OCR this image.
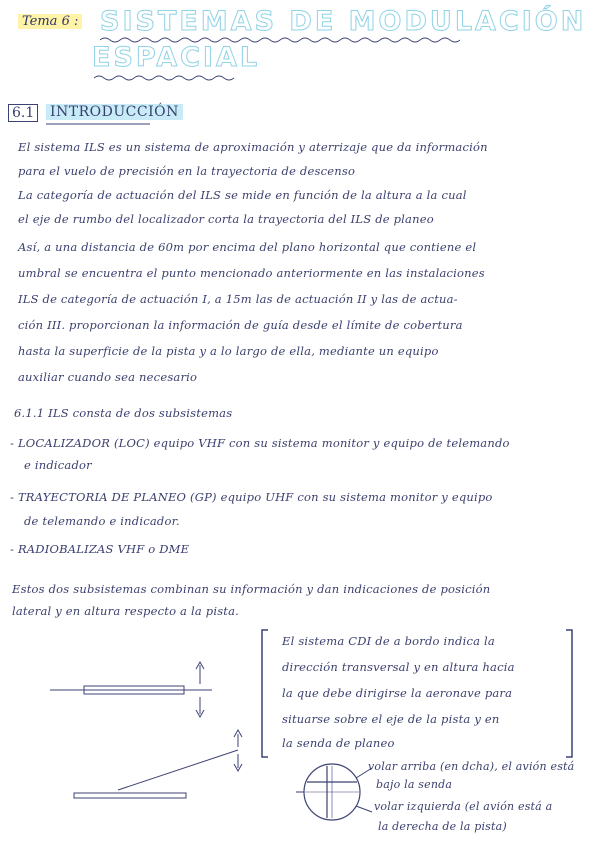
Tema 6 : SISTEMAS DE MODULACIÓN
ESPACIAL
6.1 INTRODUCCIÓN
El sistema ILS es un sistema de aproximación y aterrizaje que da información
para el vuelo de precisión en la trayectoria de descenso
La categoría de actuación del ILS se mide en función de la altura a la cual
el eje de rumbo del localizador corta la trayectoria del ILS de planeo
Así, a una distancia de 60m por encima del plano horizontal que contiene el
umbral se encuentra el punto mencionado anteriormente en las instalaciones
ILS de categoría de actuación I, a 15m las de actuación II y las de actua-
ción III. proporcionan la información de guía desde el límite de cobertura
hasta la superficie de la pista y a lo largo de ella, mediante un equipo
auxiliar cuando sea necesario
6.1.1 ILS consta de dos subsistemas
- LOCALIZADOR (LOC) equipo VHF con su sistema monitor y equipo de telemando
e indicador
- TRAYECTORIA DE PLANEO (GP) equipo UHF con su sistema monitor y equipo
de telemando e indicador.
- RADIOBALIZAS VHF o DME
Estos dos subsistemas combinan su información y dan indicaciones de posición
lateral y en altura respecto a la pista.
El sistema CDI de a bordo indica la
dirección transversal y en altura hacia
la que debe dirigirse la aeronave para
situarse sobre el eje de la pista y en
la senda de planeo
volar arriba (en dcha), el avión está
bajo la senda
volar izquierda (el avión está a
la derecha de la pista)
